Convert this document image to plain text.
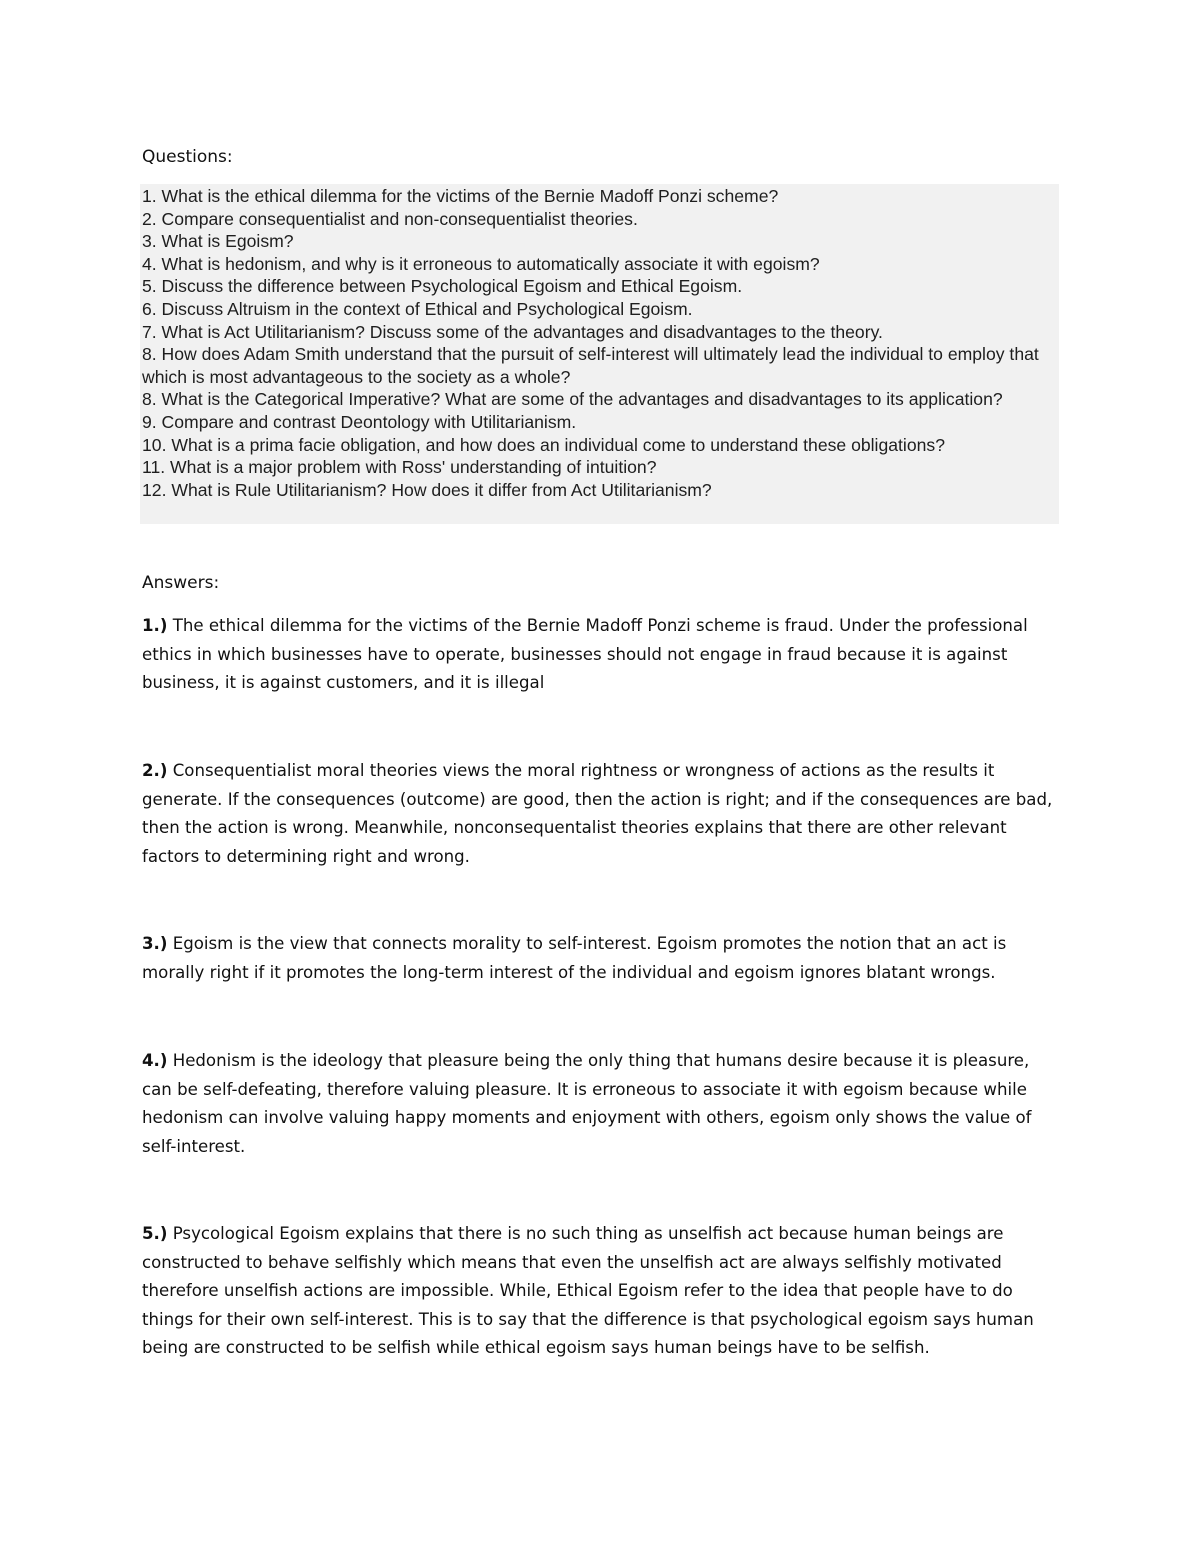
Questions:

1. What is the ethical dilemma for the victims of the Bernie Madoff Ponzi scheme?

2. Compare consequentialist and non-consequentialist theories.

3. What is Egoism?

4. What is hedonism, and why is it erroneous to automatically associate it with egoism?

5. Discuss the difference between Psychological Egoism and Ethical Egoism.

6. Discuss Altruism in the context of Ethical and Psychological Egoism.

7. What is Act Utilitarianism? Discuss some of the advantages and disadvantages to the theory.

8. How does Adam Smith understand that the pursuit of self-interest will ultimately lead the individual to employ that which is most advantageous to the society as a whole?

8. What is the Categorical Imperative? What are some of the advantages and disadvantages to its application?

9. Compare and contrast Deontology with Utilitarianism.

10. What is a prima facie obligation, and how does an individual come to understand these obligations?

11. What is a major problem with Ross' understanding of intuition?

12. What is Rule Utilitarianism? How does it differ from Act Utilitarianism?

Answers:

1.) The ethical dilemma for the victims of the Bernie Madoff Ponzi scheme is fraud. Under the professional ethics in which businesses have to operate, businesses should not engage in fraud because it is against business, it is against customers, and it is illegal

2.) Consequentialist moral theories views the moral rightness or wrongness of actions as the results it generate. If the consequences (outcome) are good, then the action is right; and if the consequences are bad, then the action is wrong. Meanwhile, nonconsequentalist theories explains that there are other relevant factors to determining right and wrong.

3.) Egoism is the view that connects morality to self-interest. Egoism promotes the notion that an act is morally right if it promotes the long-term interest of the individual and egoism ignores blatant wrongs.

4.) Hedonism is the ideology that pleasure being the only thing that humans desire because it is pleasure, can be self-defeating, therefore valuing pleasure. It is erroneous to associate it with egoism because while hedonism can involve valuing happy moments and enjoyment with others, egoism only shows the value of self-interest.

5.) Psycological Egoism explains that there is no such thing as unselfish act because human beings are constructed to behave selfishly which means that even the unselfish act are always selfishly motivated therefore unselfish actions are impossible. While, Ethical Egoism refer to the idea that people have to do things for their own self-interest. This is to say that the difference is that psychological egoism says human being are constructed to be selfish while ethical egoism says human beings have to be selfish.
